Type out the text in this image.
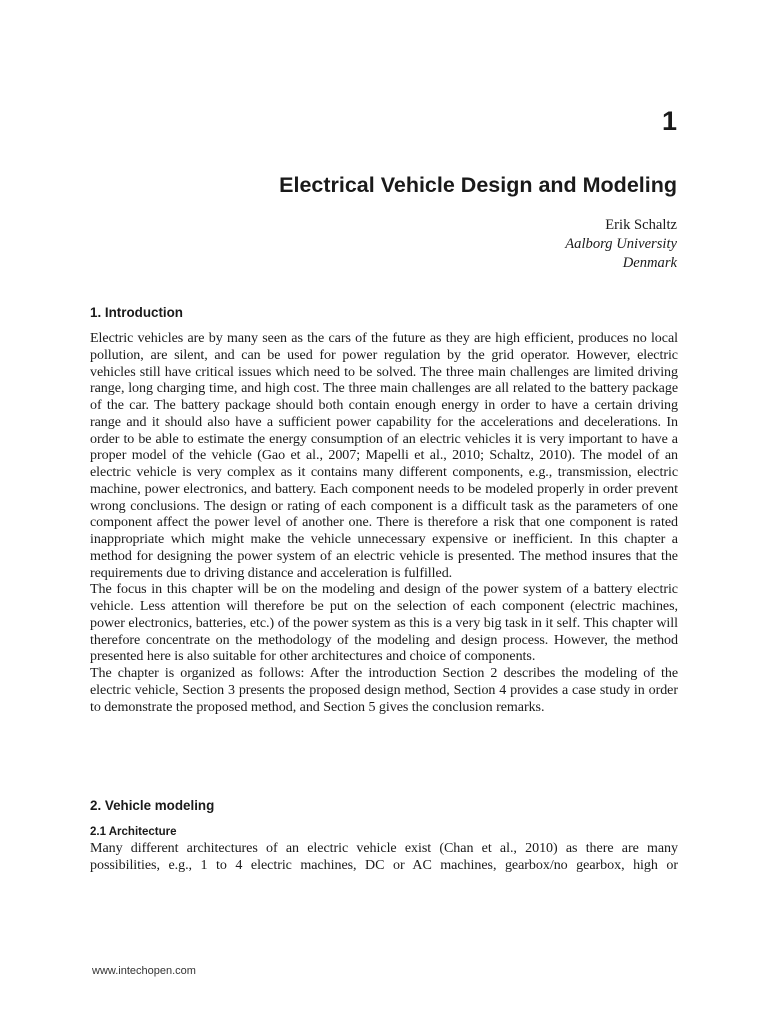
1
Electrical Vehicle Design and Modeling
Erik Schaltz
Aalborg University
Denmark
1. Introduction
Electric vehicles are by many seen as the cars of the future as they are high efficient, produces no local pollution, are silent, and can be used for power regulation by the grid operator. However, electric vehicles still have critical issues which need to be solved. The three main challenges are limited driving range, long charging time, and high cost. The three main challenges are all related to the battery package of the car. The battery package should both contain enough energy in order to have a certain driving range and it should also have a sufficient power capability for the accelerations and decelerations. In order to be able to estimate the energy consumption of an electric vehicles it is very important to have a proper model of the vehicle (Gao et al., 2007; Mapelli et al., 2010; Schaltz, 2010). The model of an electric vehicle is very complex as it contains many different components, e.g., transmission, electric machine, power electronics, and battery. Each component needs to be modeled properly in order prevent wrong conclusions. The design or rating of each component is a difficult task as the parameters of one component affect the power level of another one. There is therefore a risk that one component is rated inappropriate which might make the vehicle unnecessary expensive or inefficient. In this chapter a method for designing the power system of an electric vehicle is presented. The method insures that the requirements due to driving distance and acceleration is fulfilled.
The focus in this chapter will be on the modeling and design of the power system of a battery electric vehicle. Less attention will therefore be put on the selection of each component (electric machines, power electronics, batteries, etc.) of the power system as this is a very big task in it self. This chapter will therefore concentrate on the methodology of the modeling and design process. However, the method presented here is also suitable for other architectures and choice of components.
The chapter is organized as follows: After the introduction Section 2 describes the modeling of the electric vehicle, Section 3 presents the proposed design method, Section 4 provides a case study in order to demonstrate the proposed method, and Section 5 gives the conclusion remarks.
2. Vehicle modeling
2.1 Architecture
Many different architectures of an electric vehicle exist (Chan et al., 2010) as there are many possibilities, e.g., 1 to 4 electric machines, DC or AC machines, gearbox/no gearbox, high or
www.intechopen.com
